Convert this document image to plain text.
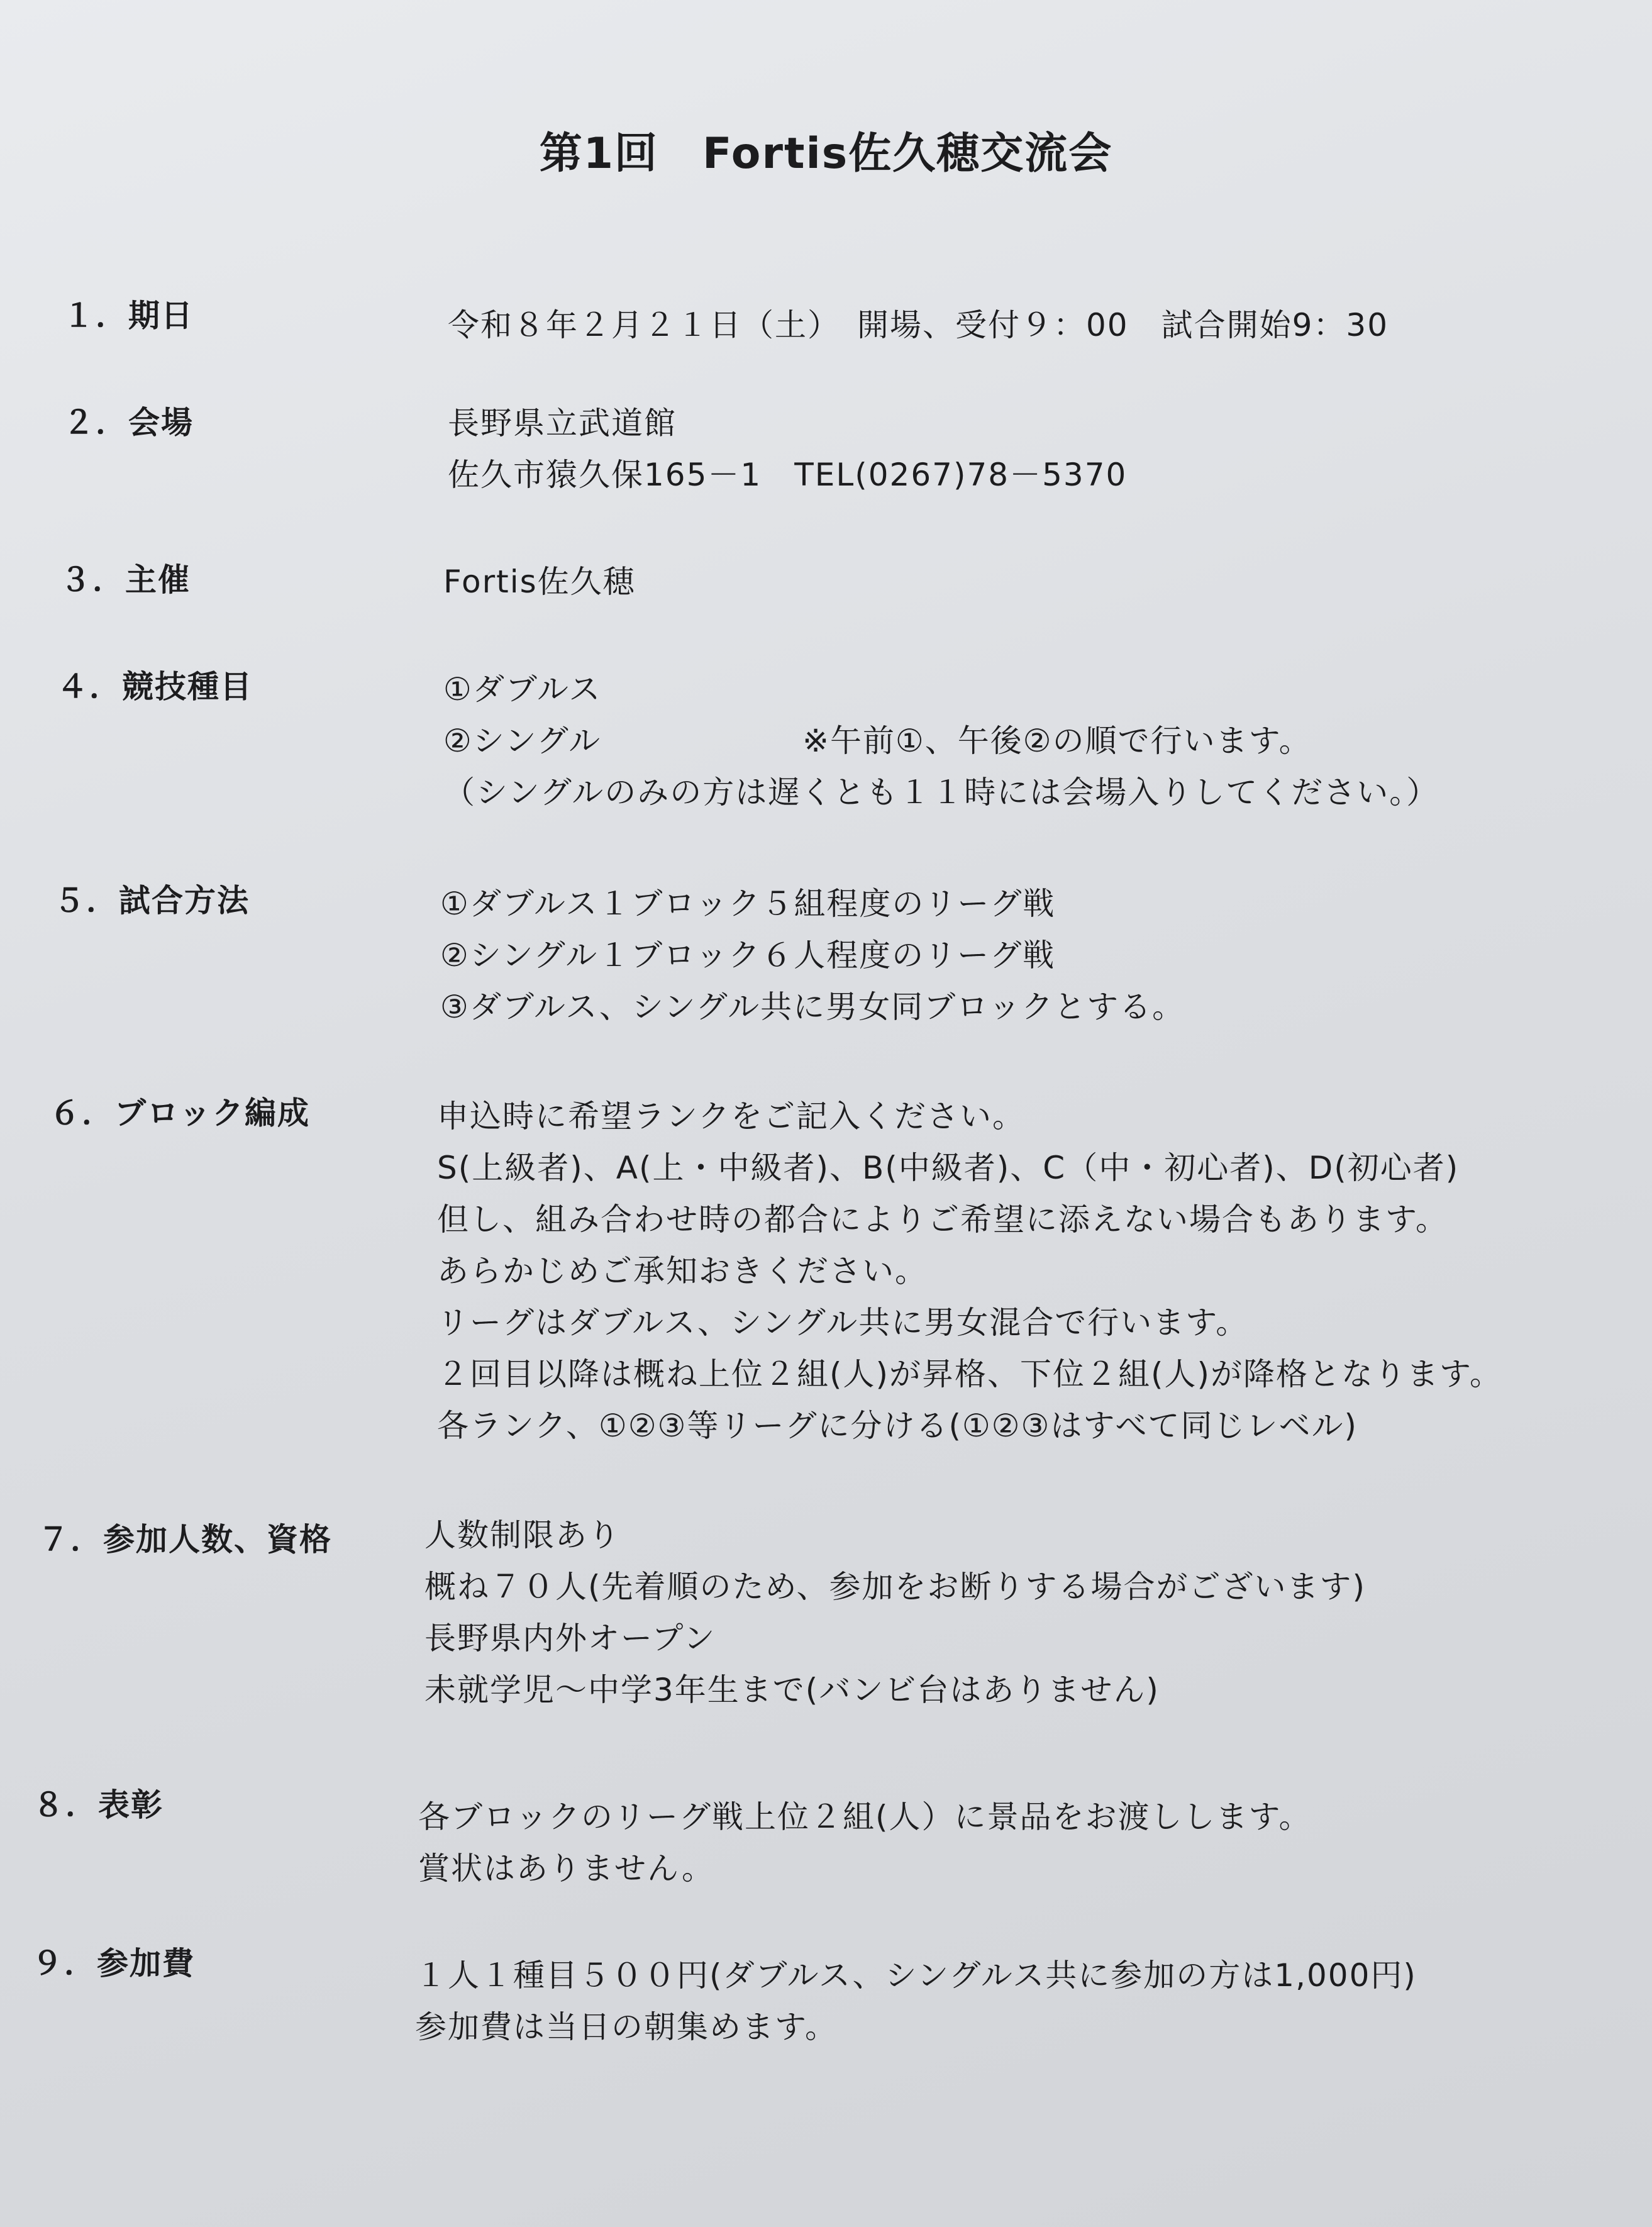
第1回　Fortis佐久穂交流会
１．期日	令和８年２月２１日（土）　開場、受付９：00　試合開始9：30
２．会場	長野県立武道館
佐久市猿久保165－1　TEL(0267)78－5370
３．主催	Fortis佐久穂
４．競技種目	①ダブルス
②シングル	※午前①、午後②の順で行います。
（シングルのみの方は遅くとも１１時には会場入りしてください。）
５．試合方法	①ダブルス１ブロック５組程度のリーグ戦
②シングル１ブロック６人程度のリーグ戦
③ダブルス、シングル共に男女同ブロックとする。
６．ブロック編成	申込時に希望ランクをご記入ください。
S(上級者)、A(上・中級者)、B(中級者)、C（中・初心者)、D(初心者)
但し、組み合わせ時の都合によりご希望に添えない場合もあります。
あらかじめご承知おきください。
リーグはダブルス、シングル共に男女混合で行います。
２回目以降は概ね上位２組(人)が昇格、下位２組(人)が降格となります。
各ランク、①②③等リーグに分ける(①②③はすべて同じレベル)
７．参加人数、資格	人数制限あり
概ね７０人(先着順のため、参加をお断りする場合がございます)
長野県内外オープン
未就学児～中学3年生まで(バンビ台はありません)
８．表彰	各ブロックのリーグ戦上位２組(人）に景品をお渡しします。
賞状はありません。
９．参加費	１人１種目５００円(ダブルス、シングルス共に参加の方は1,000円)
参加費は当日の朝集めます。
